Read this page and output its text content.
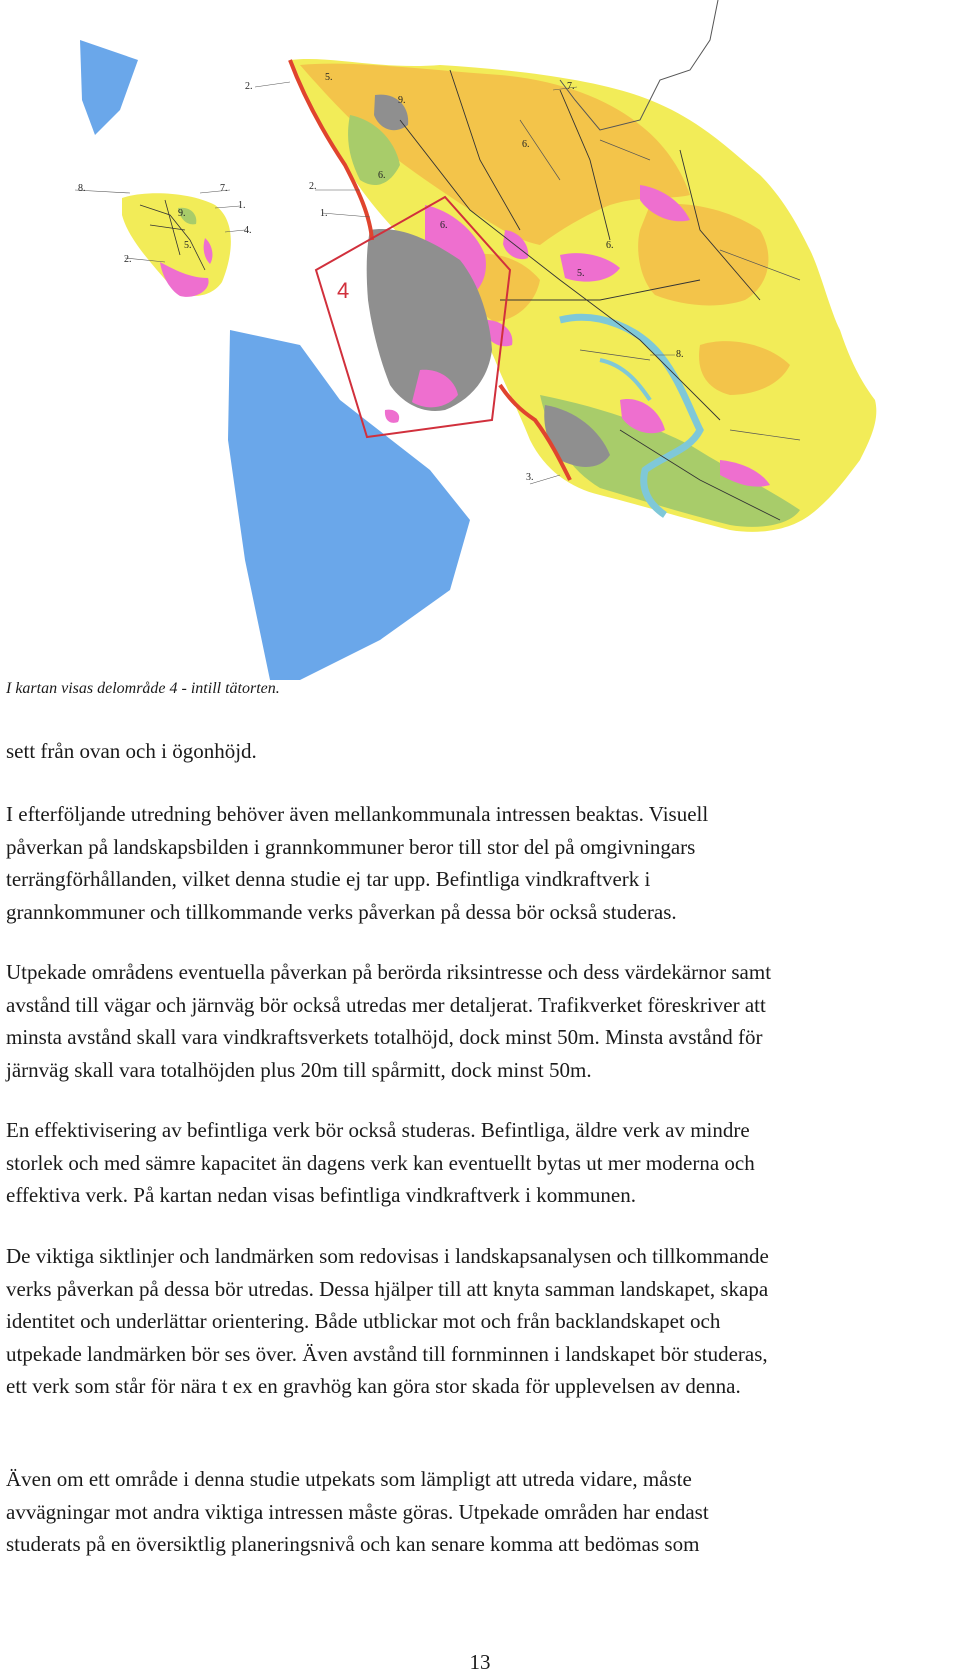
4
2.
5.
9.
6.
7.
6.
2.
1.
6.
8.	7.
1.
9.
4.
5.
2.
5.
6.
8.
3.
I kartan visas delområde 4 - intill tätorten.
sett från ovan och i ögonhöjd.
I efterföljande utredning behöver även mellankommunala intressen beaktas. Visuell
påverkan på landskapsbilden i grannkommuner beror till stor del på omgivningars
terrängförhållanden, vilket denna studie ej tar upp. Befintliga vindkraftverk i
grannkommuner och tillkommande verks påverkan på dessa bör också studeras.
Utpekade områdens eventuella påverkan på berörda riksintresse och dess värdekärnor samt
avstånd till vägar och järnväg bör också utredas mer detaljerat. Trafikverket föreskriver att
minsta avstånd skall vara vindkraftsverkets totalhöjd, dock minst 50m. Minsta avstånd för
järnväg skall vara totalhöjden plus 20m till spårmitt, dock minst 50m.
En effektivisering av befintliga verk bör också studeras. Befintliga, äldre verk av mindre
storlek och med sämre kapacitet än dagens verk kan eventuellt bytas ut mer moderna och
effektiva verk. På kartan nedan visas befintliga vindkraftverk i kommunen.
De viktiga siktlinjer och landmärken som redovisas i landskapsanalysen och tillkommande
verks påverkan på dessa bör utredas. Dessa hjälper till att knyta samman landskapet, skapa
identitet och underlättar orientering. Både utblickar mot och från backlandskapet och
utpekade landmärken bör ses över. Även avstånd till fornminnen i landskapet bör studeras,
ett verk som står för nära t ex en gravhög kan göra stor skada för upplevelsen av denna.
Även om ett område i denna studie utpekats som lämpligt att utreda vidare, måste
avvägningar mot andra viktiga intressen måste göras. Utpekade områden har endast
studerats på en översiktlig planeringsnivå och kan senare komma att bedömas som
13
